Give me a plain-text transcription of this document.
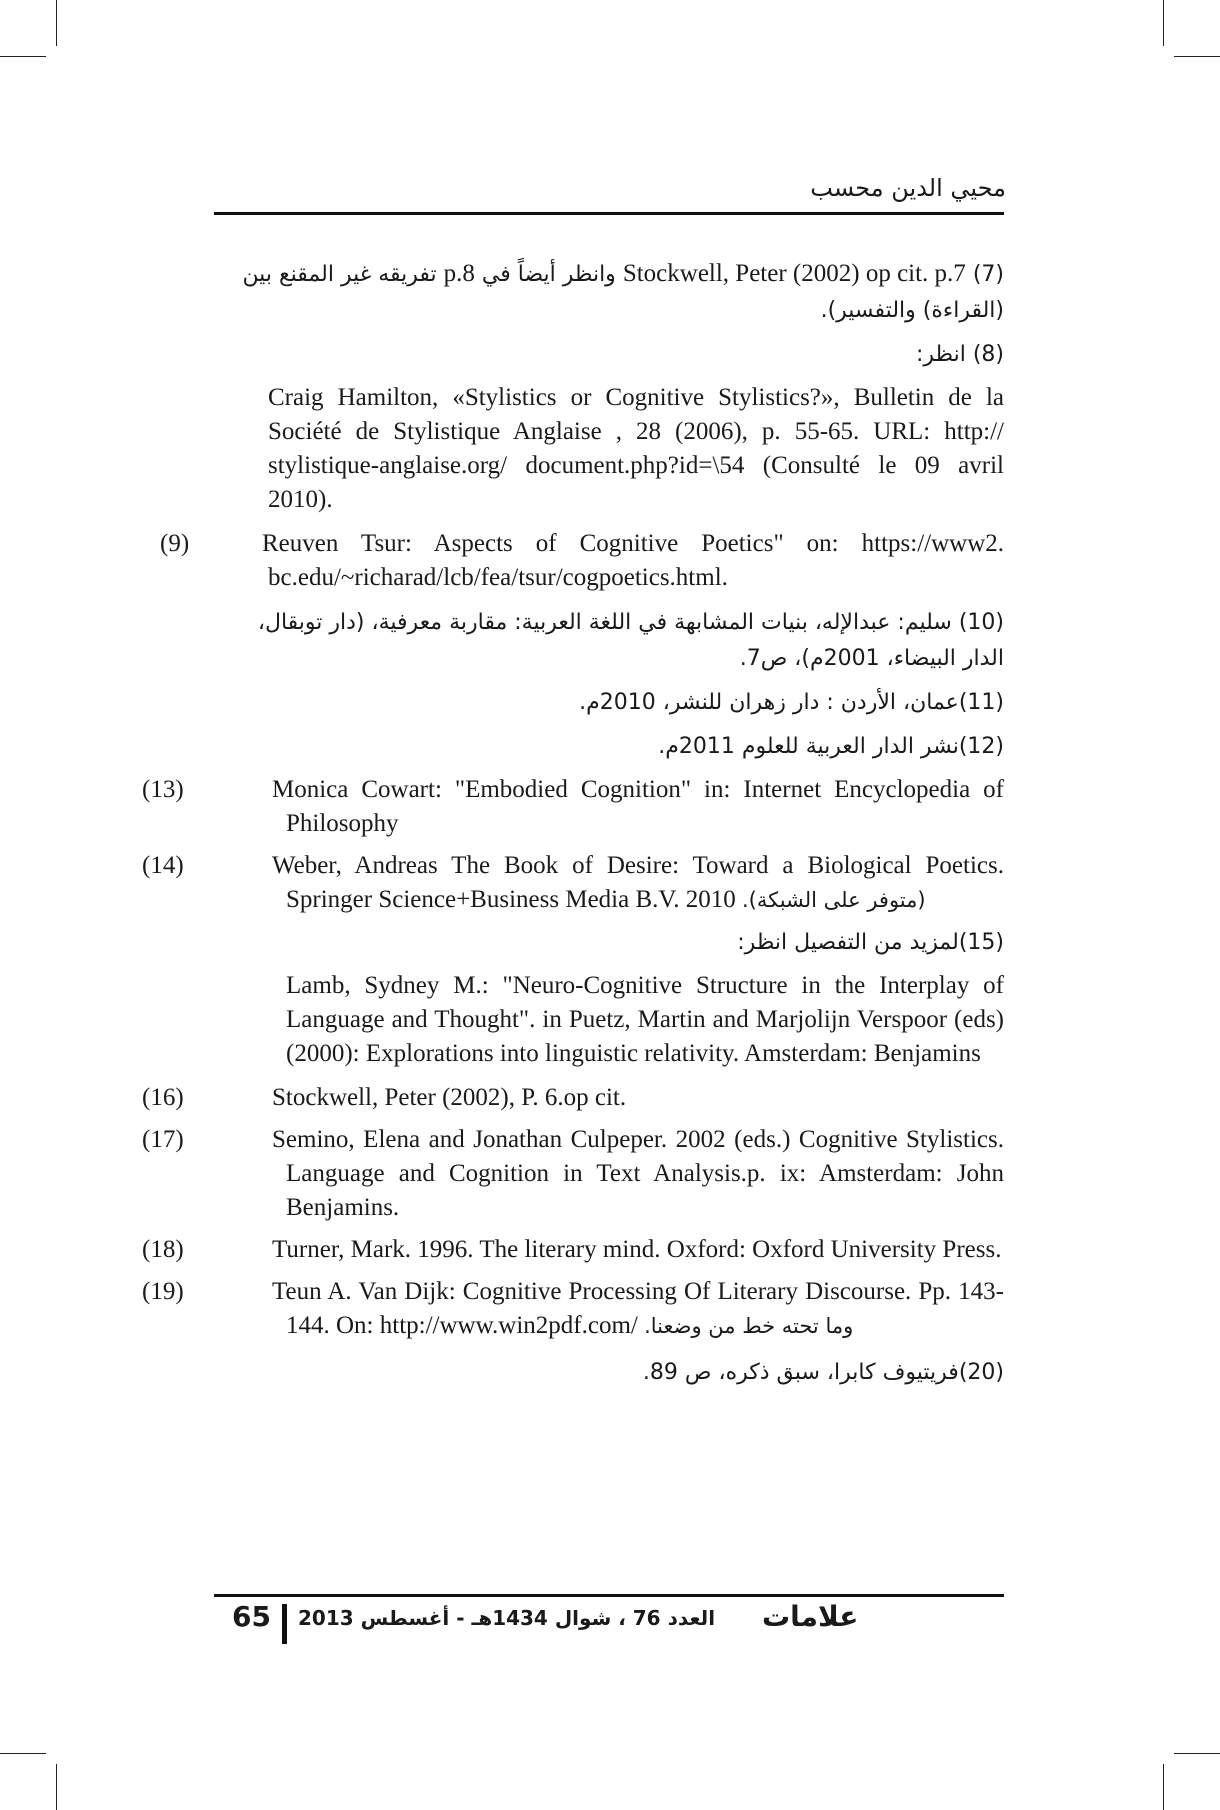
محيي الدين محسب
(7) Stockwell, Peter (2002) op cit. p.7 وانظر أيضاً في p.8 تفريقه غير المقنع بين (القراءة) والتفسير).
(8) انظر:
Craig Hamilton, «Stylistics or Cognitive Stylistics?», Bulletin de la Société de Stylistique Anglaise , 28 (2006), p. 55-65. URL: http:// stylistique-anglaise.org/ document.php?id=\54 (Consulté le 09 avril 2010).
(9)	Reuven Tsur: Aspects of Cognitive Poetics" on: https://www2. bc.edu/~richarad/lcb/fea/tsur/cogpoetics.html.
(10) سليم: عبدالإله، بنيات المشابهة في اللغة العربية: مقاربة معرفية، (دار توبقال، الدار البيضاء، 2001م)، ص7.
(11)عمان، الأردن : دار زهران للنشر، 2010م.
(12)نشر الدار العربية للعلوم 2011م.
(13)	Monica Cowart: "Embodied Cognition" in: Internet Encyclopedia of Philosophy
(14)	Weber, Andreas The Book of Desire: Toward a Biological Poetics. Springer Science+Business Media B.V. 2010 (متوفر على الشبكة).
(15)لمزيد من التفصيل انظر:
Lamb, Sydney M.: "Neuro-Cognitive Structure in the Interplay of Language and Thought". in Puetz, Martin and Marjolijn Verspoor (eds) (2000): Explorations into linguistic relativity. Amsterdam: Benjamins
(16)	Stockwell, Peter (2002), P. 6.op cit.
(17)	Semino, Elena and Jonathan Culpeper. 2002 (eds.) Cognitive Stylistics. Language and Cognition in Text Analysis.p. ix: Amsterdam: John Benjamins.
(18)	Turner, Mark. 1996. The literary mind. Oxford: Oxford University Press.
(19)	Teun A. Van Dijk: Cognitive Processing Of Literary Discourse. Pp. 143- 144. On: http://www.win2pdf.com/ وما تحته خط من وضعنا.
(20)فريتيوف كابرا، سبق ذكره، ص 89.
65 العدد 76 ، شوال 1434هـ - أغسطس 2013 علامات
